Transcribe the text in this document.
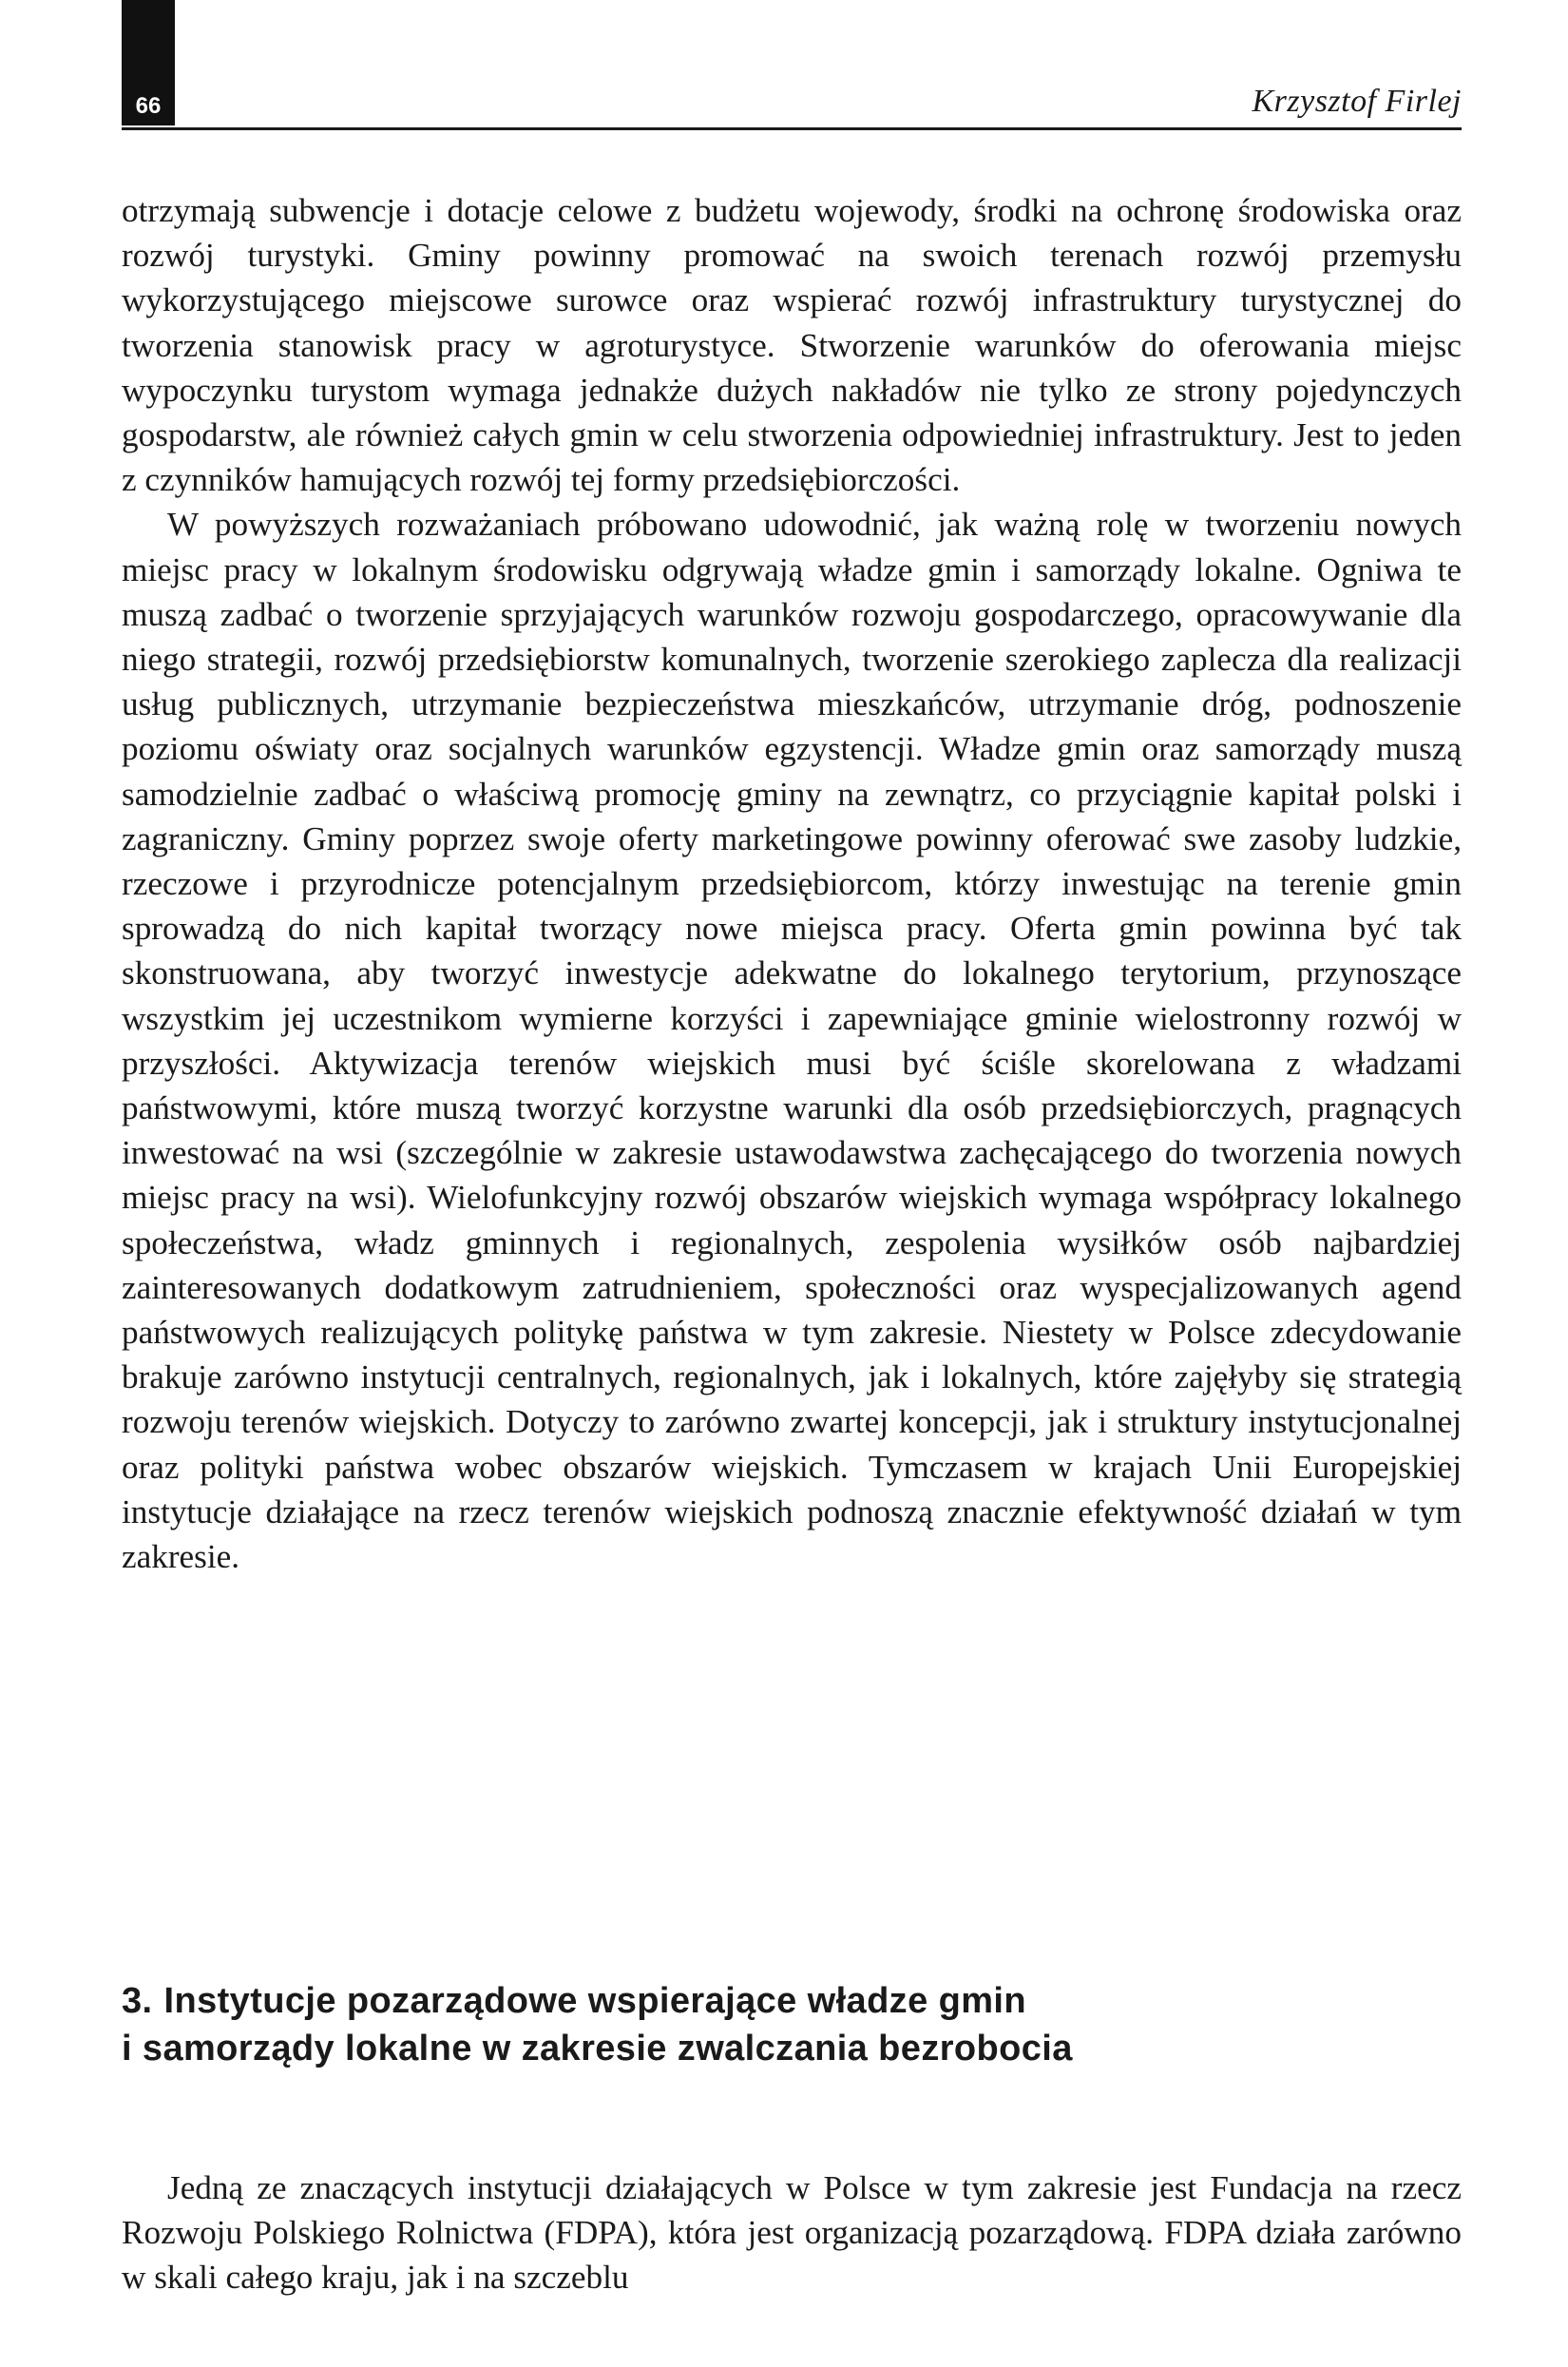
66	Krzysztof Firlej

otrzymają subwencje i dotacje celowe z budżetu wojewody, środki na ochronę środowiska oraz rozwój turystyki. Gminy powinny promować na swoich terenach rozwój przemysłu wykorzystującego miejscowe surowce oraz wspierać rozwój infrastruktury turystycznej do tworzenia stanowisk pracy w agroturystyce. Stworzenie warunków do oferowania miejsc wypoczynku turystom wymaga jednakże dużych nakładów nie tylko ze strony pojedynczych gospodarstw, ale również całych gmin w celu stworzenia odpowiedniej infrastruktury. Jest to jeden z czynników hamujących rozwój tej formy przedsiębiorczości.

W powyższych rozważaniach próbowano udowodnić, jak ważną rolę w tworzeniu nowych miejsc pracy w lokalnym środowisku odgrywają władze gmin i samorządy lokalne. Ogniwa te muszą zadbać o tworzenie sprzyjających warunków rozwoju gospodarczego, opracowywanie dla niego strategii, rozwój przedsiębiorstw komunalnych, tworzenie szerokiego zaplecza dla realizacji usług publicznych, utrzymanie bezpieczeństwa mieszkańców, utrzymanie dróg, podnoszenie poziomu oświaty oraz socjalnych warunków egzystencji. Władze gmin oraz samorządy muszą samodzielnie zadbać o właściwą promocję gminy na zewnątrz, co przyciągnie kapitał polski i zagraniczny. Gminy poprzez swoje oferty marketingowe powinny oferować swe zasoby ludzkie, rzeczowe i przyrodnicze potencjalnym przedsiębiorcom, którzy inwestując na terenie gmin sprowadzą do nich kapitał tworzący nowe miejsca pracy. Oferta gmin powinna być tak skonstruowana, aby tworzyć inwestycje adekwatne do lokalnego terytorium, przynoszące wszystkim jej uczestnikom wymierne korzyści i zapewniające gminie wielostronny rozwój w przyszłości. Aktywizacja terenów wiejskich musi być ściśle skorelowana z władzami państwowymi, które muszą tworzyć korzystne warunki dla osób przedsiębiorczych, pragnących inwestować na wsi (szczególnie w zakresie ustawodawstwa zachęcającego do tworzenia nowych miejsc pracy na wsi). Wielofunkcyjny rozwój obszarów wiejskich wymaga współpracy lokalnego społeczeństwa, władz gminnych i regionalnych, zespolenia wysiłków osób najbardziej zainteresowanych dodatkowym zatrudnieniem, społeczności oraz wyspecjalizowanych agend państwowych realizujących politykę państwa w tym zakresie. Niestety w Polsce zdecydowanie brakuje zarówno instytucji centralnych, regionalnych, jak i lokalnych, które zajęłyby się strategią rozwoju terenów wiejskich. Dotyczy to zarówno zwartej koncepcji, jak i struktury instytucjonalnej oraz polityki państwa wobec obszarów wiejskich. Tymczasem w krajach Unii Europejskiej instytucje działające na rzecz terenów wiejskich podnoszą znacznie efektywność działań w tym zakresie.

3. Instytucje pozarządowe wspierające władze gmin
i samorządy lokalne w zakresie zwalczania bezrobocia

Jedną ze znaczących instytucji działających w Polsce w tym zakresie jest Fundacja na rzecz Rozwoju Polskiego Rolnictwa (FDPA), która jest organizacją pozarządową. FDPA działa zarówno w skali całego kraju, jak i na szczeblu
